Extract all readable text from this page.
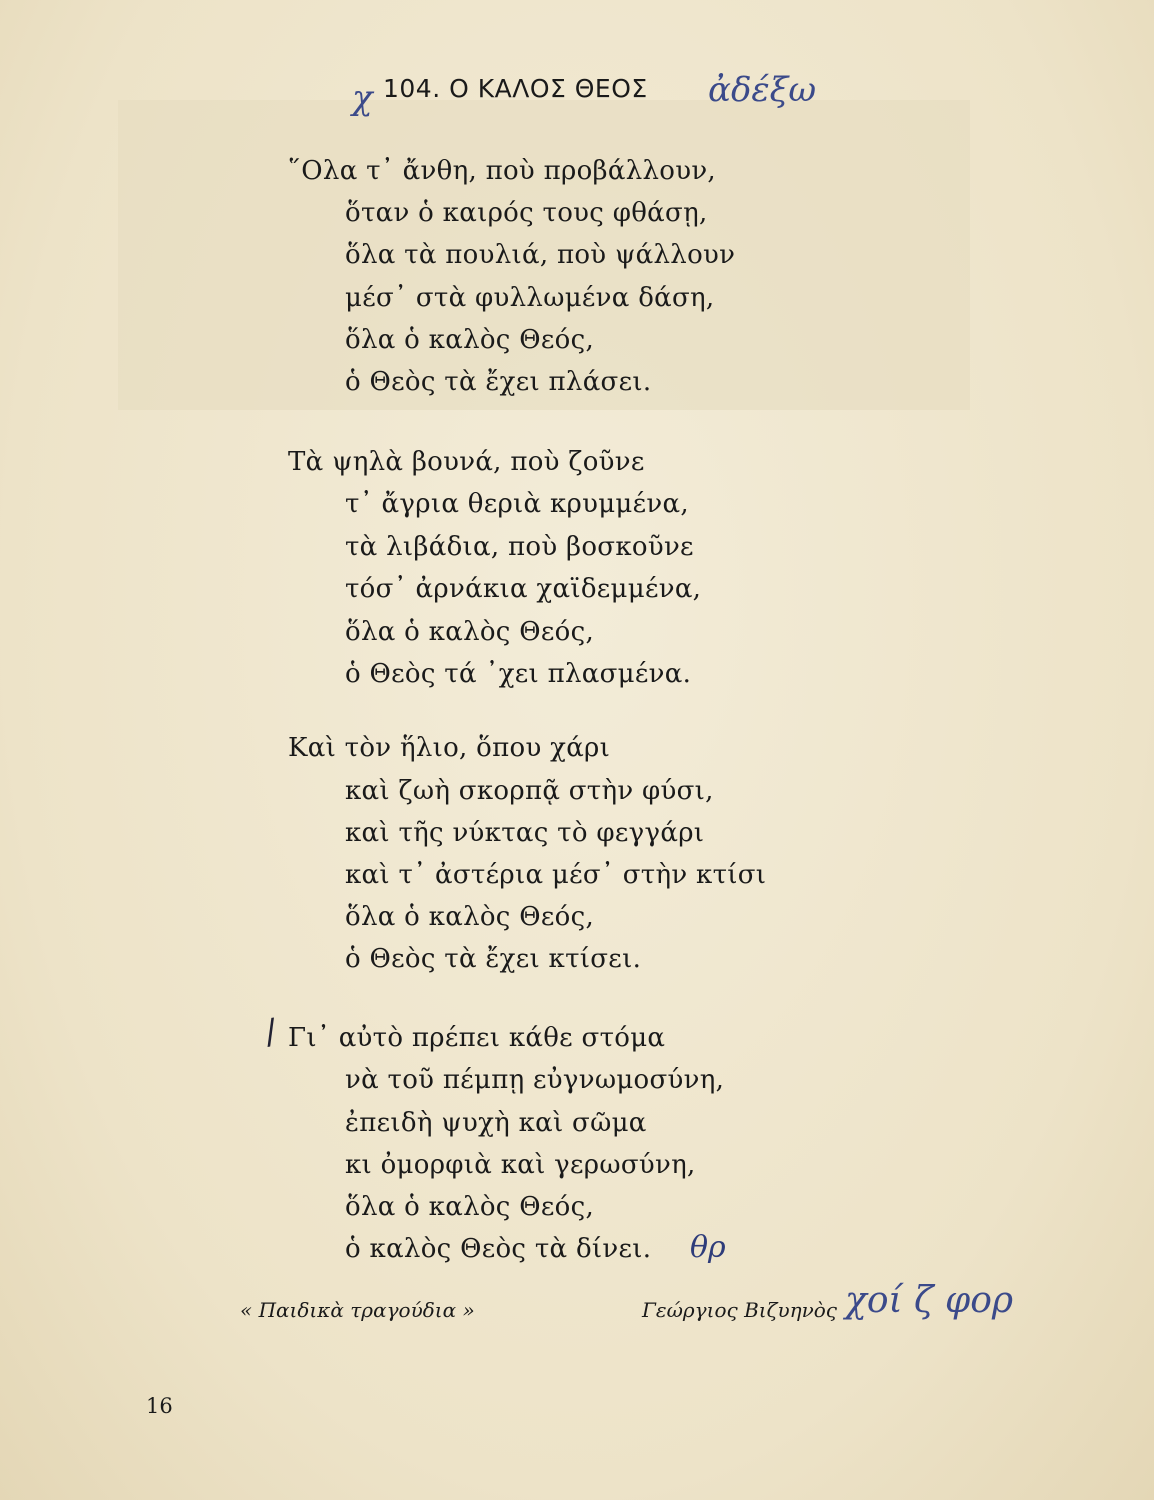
χ 104. Ο ΚΑΛΟΣ ΘΕΟΣ ἀδέξω
῞Ολα τ᾿ ἄνθη, ποὺ προβάλλουν,
ὅταν ὁ καιρός τους φθάσῃ,
ὅλα τὰ πουλιά, ποὺ ψάλλουν
μέσ᾿ στὰ φυλλωμένα δάση,
ὅλα ὁ καλὸς Θεός,
ὁ Θεὸς τὰ ἔχει πλάσει.
Τὰ ψηλὰ βουνά, ποὺ ζοῦνε
τ᾿ ἄγρια θεριὰ κρυμμένα,
τὰ λιβάδια, ποὺ βοσκοῦνε
τόσ᾿ ἀρνάκια χαϊδεμμένα,
ὅλα ὁ καλὸς Θεός,
ὁ Θεὸς τά ᾿χει πλασμένα.
Καὶ τὸν ἥλιο, ὅπου χάρι
καὶ ζωὴ σκορπᾷ στὴν φύσι,
καὶ τῆς νύκτας τὸ φεγγάρι
καὶ τ᾿ ἀστέρια μέσ᾿ στὴν κτίσι
ὅλα ὁ καλὸς Θεός,
ὁ Θεὸς τὰ ἔχει κτίσει.
/ Γι᾿ αὐτὸ πρέπει κάθε στόμα
νὰ τοῦ πέμπῃ εὐγνωμοσύνη,
ἐπειδὴ ψυχὴ καὶ σῶμα
κι ὀμορφιὰ καὶ γερωσύνη,
ὅλα ὁ καλὸς Θεός,
ὁ καλὸς Θεὸς τὰ δίνει. θρ
« Παιδικὰ τραγούδια »	Γεώργιος Βιζυηνὸς χοί ζ φορ
16
